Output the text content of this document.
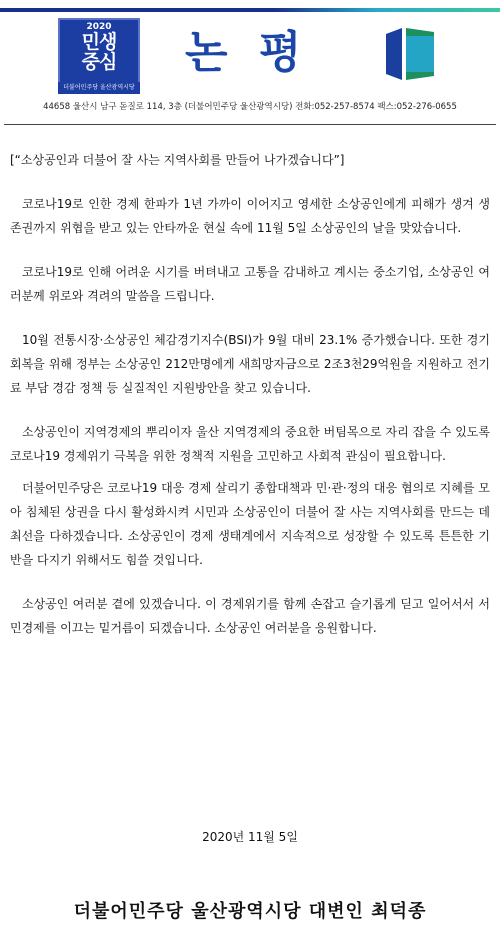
2020
민생
중심
더불어민주당 울산광역시당
논 평
44658 울산시 남구 돋질로 114, 3층 (더불어민주당 울산광역시당) 전화:052-257-8574 팩스:052-276-0655

[“소상공인과 더불어 잘 사는 지역사회를 만들어 나가겠습니다”]

코로나19로 인한 경제 한파가 1년 가까이 이어지고 영세한 소상공인에게 피해가 생겨 생존권까지 위협을 받고 있는 안타까운 현실 속에 11월 5일 소상공인의 날을 맞았습니다.

코로나19로 인해 어려운 시기를 버텨내고 고통을 감내하고 계시는 중소기업, 소상공인 여러분께 위로와 격려의 말씀을 드립니다.

10월 전통시장·소상공인 체감경기지수(BSI)가 9월 대비 23.1% 증가했습니다. 또한 경기회복을 위해 정부는 소상공인 212만명에게 새희망자금으로 2조3천29억원을 지원하고 전기료 부담 경감 정책 등 실질적인 지원방안을 찾고 있습니다.

소상공인이 지역경제의 뿌리이자 울산 지역경제의 중요한 버팀목으로 자리 잡을 수 있도록 코로나19 경제위기 극복을 위한 정책적 지원을 고민하고 사회적 관심이 필요합니다.

더불어민주당은 코로나19 대응 경제 살리기 종합대책과 민·관·정의 대응 협의로 지혜를 모아 침체된 상권을 다시 활성화시켜 시민과 소상공인이 더불어 잘 사는 지역사회를 만드는 데 최선을 다하겠습니다. 소상공인이 경제 생태계에서 지속적으로 성장할 수 있도록 튼튼한 기반을 다지기 위해서도 힘쓸 것입니다.

소상공인 여러분 곁에 있겠습니다. 이 경제위기를 함께 손잡고 슬기롭게 딛고 일어서서 서민경제를 이끄는 밑거름이 되겠습니다. 소상공인 여러분을 응원합니다.

2020년 11월 5일
더불어민주당 울산광역시당 대변인 최덕종
